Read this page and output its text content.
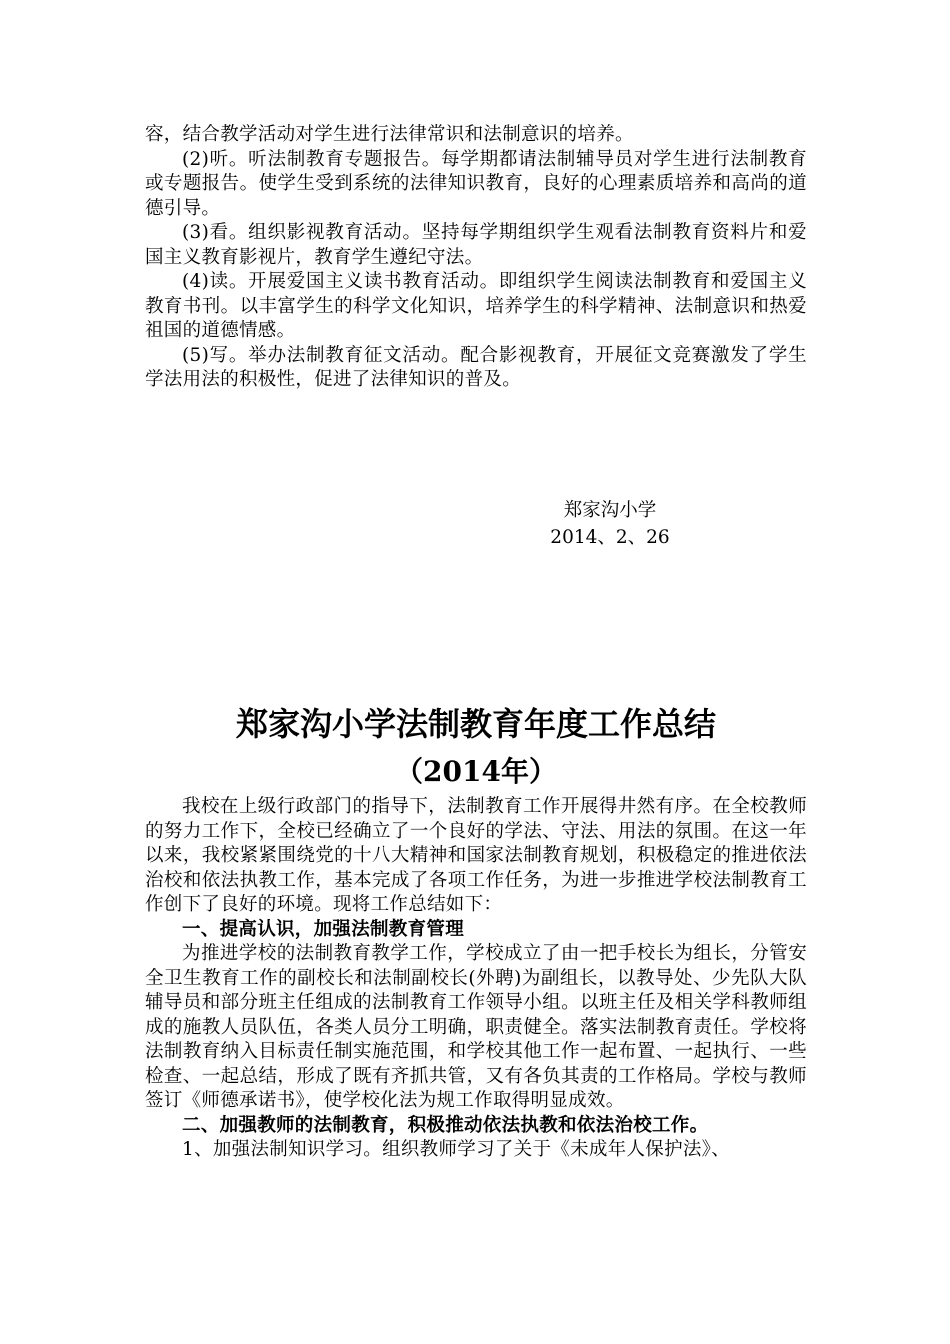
容，结合教学活动对学生进行法律常识和法制意识的培养。

(2)听。听法制教育专题报告。每学期都请法制辅导员对学生进行法制教育或专题报告。使学生受到系统的法律知识教育，良好的心理素质培养和高尚的道德引导。

(3)看。组织影视教育活动。坚持每学期组织学生观看法制教育资料片和爱国主义教育影视片，教育学生遵纪守法。

(4)读。开展爱国主义读书教育活动。即组织学生阅读法制教育和爱国主义教育书刊。以丰富学生的科学文化知识，培养学生的科学精神、法制意识和热爱祖国的道德情感。

(5)写。举办法制教育征文活动。配合影视教育，开展征文竞赛激发了学生学法用法的积极性，促进了法律知识的普及。

郑家沟小学
2014、2、26
郑家沟小学法制教育年度工作总结
（2014年）

我校在上级行政部门的指导下，法制教育工作开展得井然有序。在全校教师的努力工作下，全校已经确立了一个良好的学法、守法、用法的氛围。在这一年以来，我校紧紧围绕党的十八大精神和国家法制教育规划，积极稳定的推进依法治校和依法执教工作，基本完成了各项工作任务，为进一步推进学校法制教育工作创下了良好的环境。现将工作总结如下：

一、提高认识，加强法制教育管理

为推进学校的法制教育教学工作，学校成立了由一把手校长为组长，分管安全卫生教育工作的副校长和法制副校长(外聘)为副组长，以教导处、少先队大队辅导员和部分班主任组成的法制教育工作领导小组。以班主任及相关学科教师组成的施教人员队伍，各类人员分工明确，职责健全。落实法制教育责任。学校将法制教育纳入目标责任制实施范围，和学校其他工作一起布置、一起执行、一些检查、一起总结，形成了既有齐抓共管，又有各负其责的工作格局。学校与教师签订《师德承诺书》，使学校化法为规工作取得明显成效。

二、加强教师的法制教育，积极推动依法执教和依法治校工作。

1、加强法制知识学习。组织教师学习了关于《未成年人保护法》、
